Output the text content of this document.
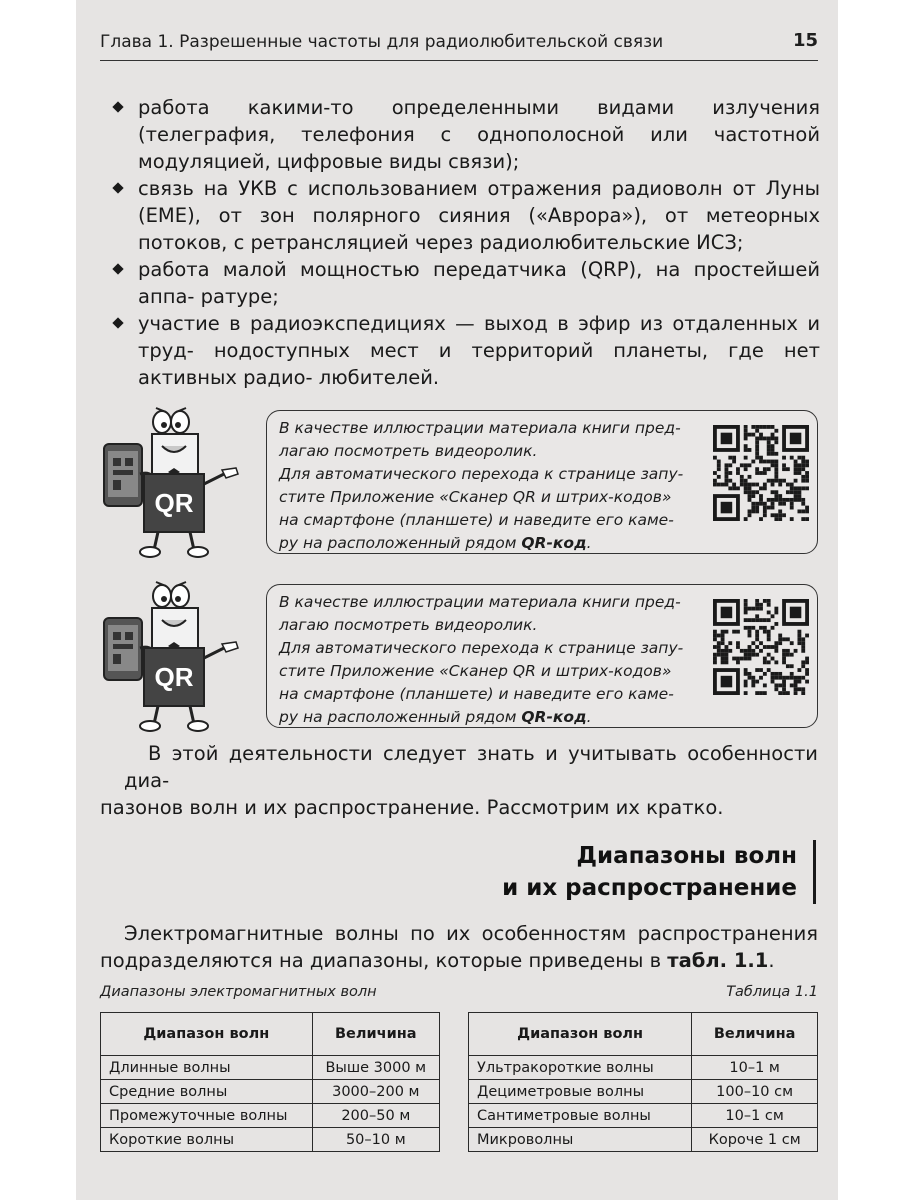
Глава 1. Разрешенные частоты для радиолюбительской связи	15
работа какими-то определенными видами излучения (телеграфия, телефония с однополосной или частотной модуляцией, цифровые виды связи);
связь на УКВ с использованием отражения радиоволн от Луны (EME), от зон полярного сияния («Аврора»), от метеорных потоков, с ретрансляцией через радиолюбительские ИСЗ;
работа малой мощностью передатчика (QRP), на простейшей аппа- ратуре;
участие в радиоэкспедициях — выход в эфир из отдаленных и труд- нодоступных мест и территорий планеты, где нет активных радио- любителей.
QR
В качестве иллюстрации материала книги пред-
лагаю посмотреть видеоролик.
Для автоматического перехода к странице запу-
стите Приложение «Сканер QR и штрих-кодов»
на смартфоне (планшете) и наведите его каме-
ру на расположенный рядом QR-код.
QR
В качестве иллюстрации материала книги пред-
лагаю посмотреть видеоролик.
Для автоматического перехода к странице запу-
стите Приложение «Сканер QR и штрих-кодов»
на смартфоне (планшете) и наведите его каме-
ру на расположенный рядом QR-код.

В этой деятельности следует знать и учитывать особенности диа-

пазонов волн и их распространение. Рассмотрим их кратко.

Диапазоны волн
и их распространение
Электромагнитные волны по их особенностям распространения
подразделяются на диапазоны, которые приведены в табл. 1.1.
Диапазоны электромагнитных волн	Таблица 1.1
Диапазон волн	Величина
Длинные волны	Выше 3000 м
Средние волны	3000–200 м
Промежуточные волны	200–50 м
Короткие волны	50–10 м
Диапазон волн	Величина
Ультракороткие волны	10–1 м
Дециметровые волны	100–10 см
Сантиметровые волны	10–1 см
Микроволны	Короче 1 см
